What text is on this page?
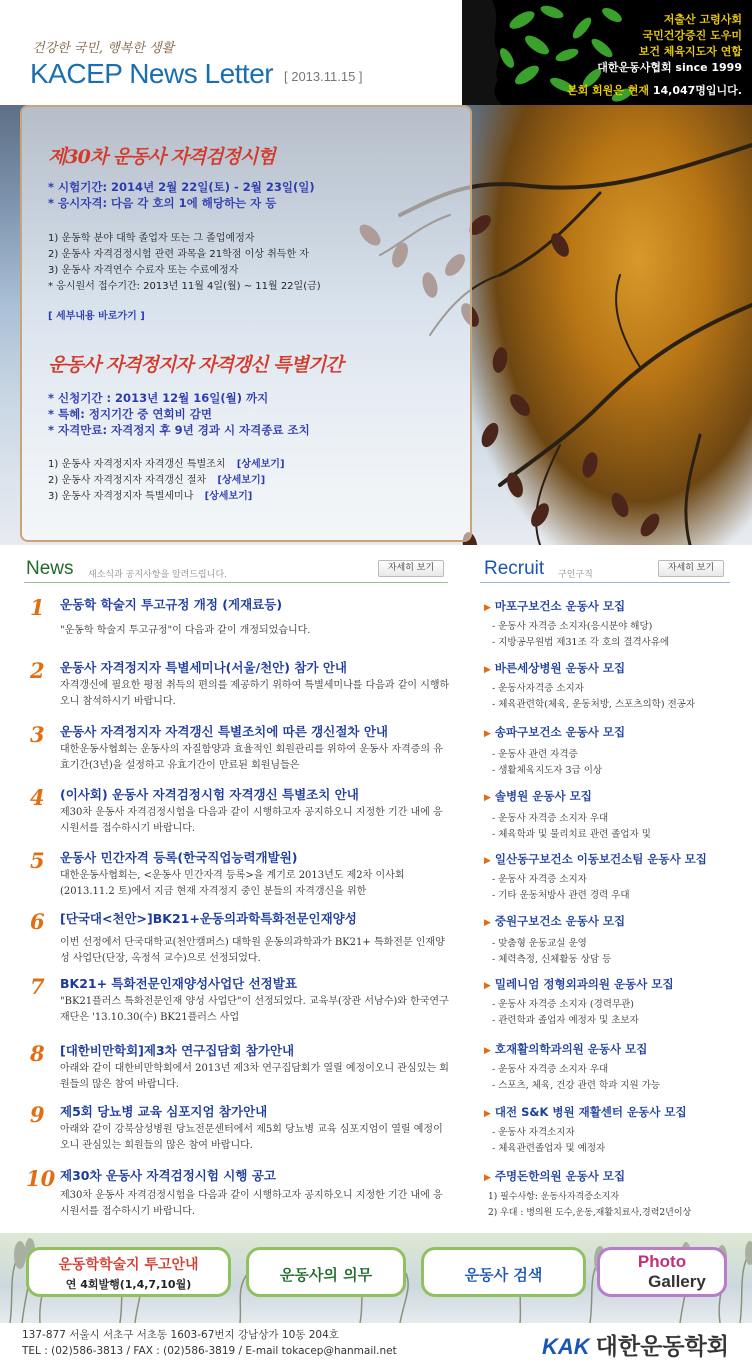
건강한 국민, 행복한 생활
KACEP News Letter [ 2013.11.15 ]
저출산 고령사회
국민건강증진 도우미
보건 체육지도자 연합
대한운동사협회 since 1999
본회 회원은 현재 14,047명입니다.
제30차 운동사 자격검정시험
* 시험기간: 2014년 2월 22일(토) - 2월 23일(일)
* 응시자격: 다음 각 호의 1에 해당하는 자 등
1) 운동학 분야 대학 졸업자 또는 그 졸업예정자
2) 운동사 자격검정시험 관련 과목을 21학점 이상 취득한 자
3) 운동사 자격연수 수료자 또는 수료예정자
* 응시원서 접수기간: 2013년 11월 4일(월) ~ 11월 22일(금)
[ 세부내용 바로가기 ]
운동사 자격정지자 자격갱신 특별기간
* 신청기간 : 2013년 12월 16일(월) 까지
* 특혜: 정지기간 중 연회비 감면
* 자격만료: 자격정지 후 9년 경과 시 자격종료 조치
1) 운동사 자격정지자 자격갱신 특별조치 [상세보기]
2) 운동사 자격정지자 자격갱신 절차 [상세보기]
3) 운동사 자격정지자 특별세미나 [상세보기]
News 새소식과 공지사항을 알려드립니다.
자세히 보기	Recruit 구인구직
자세히 보기
1 운동학 학술지 투고규정 개정 (게재료등)
"운동학 학술지 투고규정"이 다음과 같이 개정되었습니다.
2 운동사 자격정지자 특별세미나(서울/천안) 참가 안내
자격갱신에 필요한 평점 취득의 편의를 제공하기 위하여 특별세미나를 다음과 같이 시행하오니 참석하시기 바랍니다.
3 운동사 자격정지자 자격갱신 특별조치에 따른 갱신절차 안내
대한운동사협회는 운동사의 자질함양과 효율적인 회원관리를 위하여 운동사 자격증의 유효기간(3년)을 설정하고 유효기간이 만료된 회원님들은
4 (이사회) 운동사 자격검정시험 자격갱신 특별조치 안내
제30차 운동사 자격검정시험을 다음과 같이 시행하고자 공지하오니 지정한 기간 내에 응시원서를 접수하시기 바랍니다.
5 운동사 민간자격 등록(한국직업능력개발원)
대한운동사협회는, <운동사 민간자격 등록>을 계기로 2013년도 제2차 이사회(2013.11.2 토)에서 지금 현재 자격정지 중인 분들의 자격갱신을 위한
6 [단국대<천안>]BK21+운동의과학특화전문인재양성
이번 선정에서 단국대학교(천안캠퍼스) 대학원 운동의과학과가 BK21+ 특화전문 인재양성 사업단(단장, 옥정석 교수)으로 선정되었다.
7 BK21+ 특화전문인재양성사업단 선정발표
"BK21플러스 특화전문인재 양성 사업단"이 선정되었다. 교육부(장관 서남수)와 한국연구재단은 '13.10.30(수) BK21플러스 사업
8 [대한비만학회]제3차 연구집담회 참가안내
아래와 같이 대한비만학회에서 2013년 제3차 연구집담회가 열릴 예정이오니 관심있는 회원들의 많은 참여 바랍니다.
9 제5회 당뇨병 교육 심포지엄 참가안내
아래와 같이 강북삼성병원 당뇨전문센터에서 제5회 당뇨병 교육 심포지엄이 열릴 예정이오니 관심있는 회원들의 많은 참여 바랍니다.
10 제30차 운동사 자격검정시험 시행 공고
제30차 운동사 자격검정시험을 다음과 같이 시행하고자 공지하오니 지정한 기간 내에 응시원서를 접수하시기 바랍니다.
▶ 마포구보건소 운동사 모집
- 운동사 자격증 소지자(응시분야 해당)
- 지방공무원법 제31조 각 호의 결격사유에
▶ 바른세상병원 운동사 모집
- 운동사자격증 소지자
- 체육관련학(체육, 운동처방, 스포츠의학) 전공자
▶ 송파구보건소 운동사 모집
- 운동사 관련 자격증
- 생활체육지도자 3급 이상
▶ 솔병원 운동사 모집
- 운동사 자격증 소지자 우대
- 체육학과 및 물리치료 관련 졸업자 및
▶ 일산동구보건소 이동보건소팀 운동사 모집
- 운동사 자격증 소지자
- 기타 운동처방사 관련 경력 우대
▶ 중원구보건소 운동사 모집
- 맞춤형 운동교실 운영
- 체력측정, 신체활동 상담 등
▶ 밀레니엄 정형외과의원 운동사 모집
- 운동사 자격증 소지자 (경력무관)
- 관련학과 졸업자 예정자 및 초보자
▶ 호재활의학과의원 운동사 모집
- 운동사 자격증 소지자 우대
- 스포츠, 체육, 건강 관련 학과 지원 가능
▶ 대전 S&K 병원 재활센터 운동사 모집
- 운동사 자격소지자
- 체육관련졸업자 및 예정자
▶ 주명돈한의원 운동사 모집
1) 필수사항: 운동사자격증소지자
2) 우대 : 병의원 도수,운동,재활치료사,경력2년이상
운동학학술지 투고안내
연 4회발행(1,4,7,10월)
운동사의 의무	운동사 검색
Photo
Gallery
137-877 서울시 서초구 서초동 1603-67번지 강남상가 10동 204호
TEL : (02)586-3813 / FAX : (02)586-3819 / E-mail tokacep@hanmail.net	KAK 대한운동학회
